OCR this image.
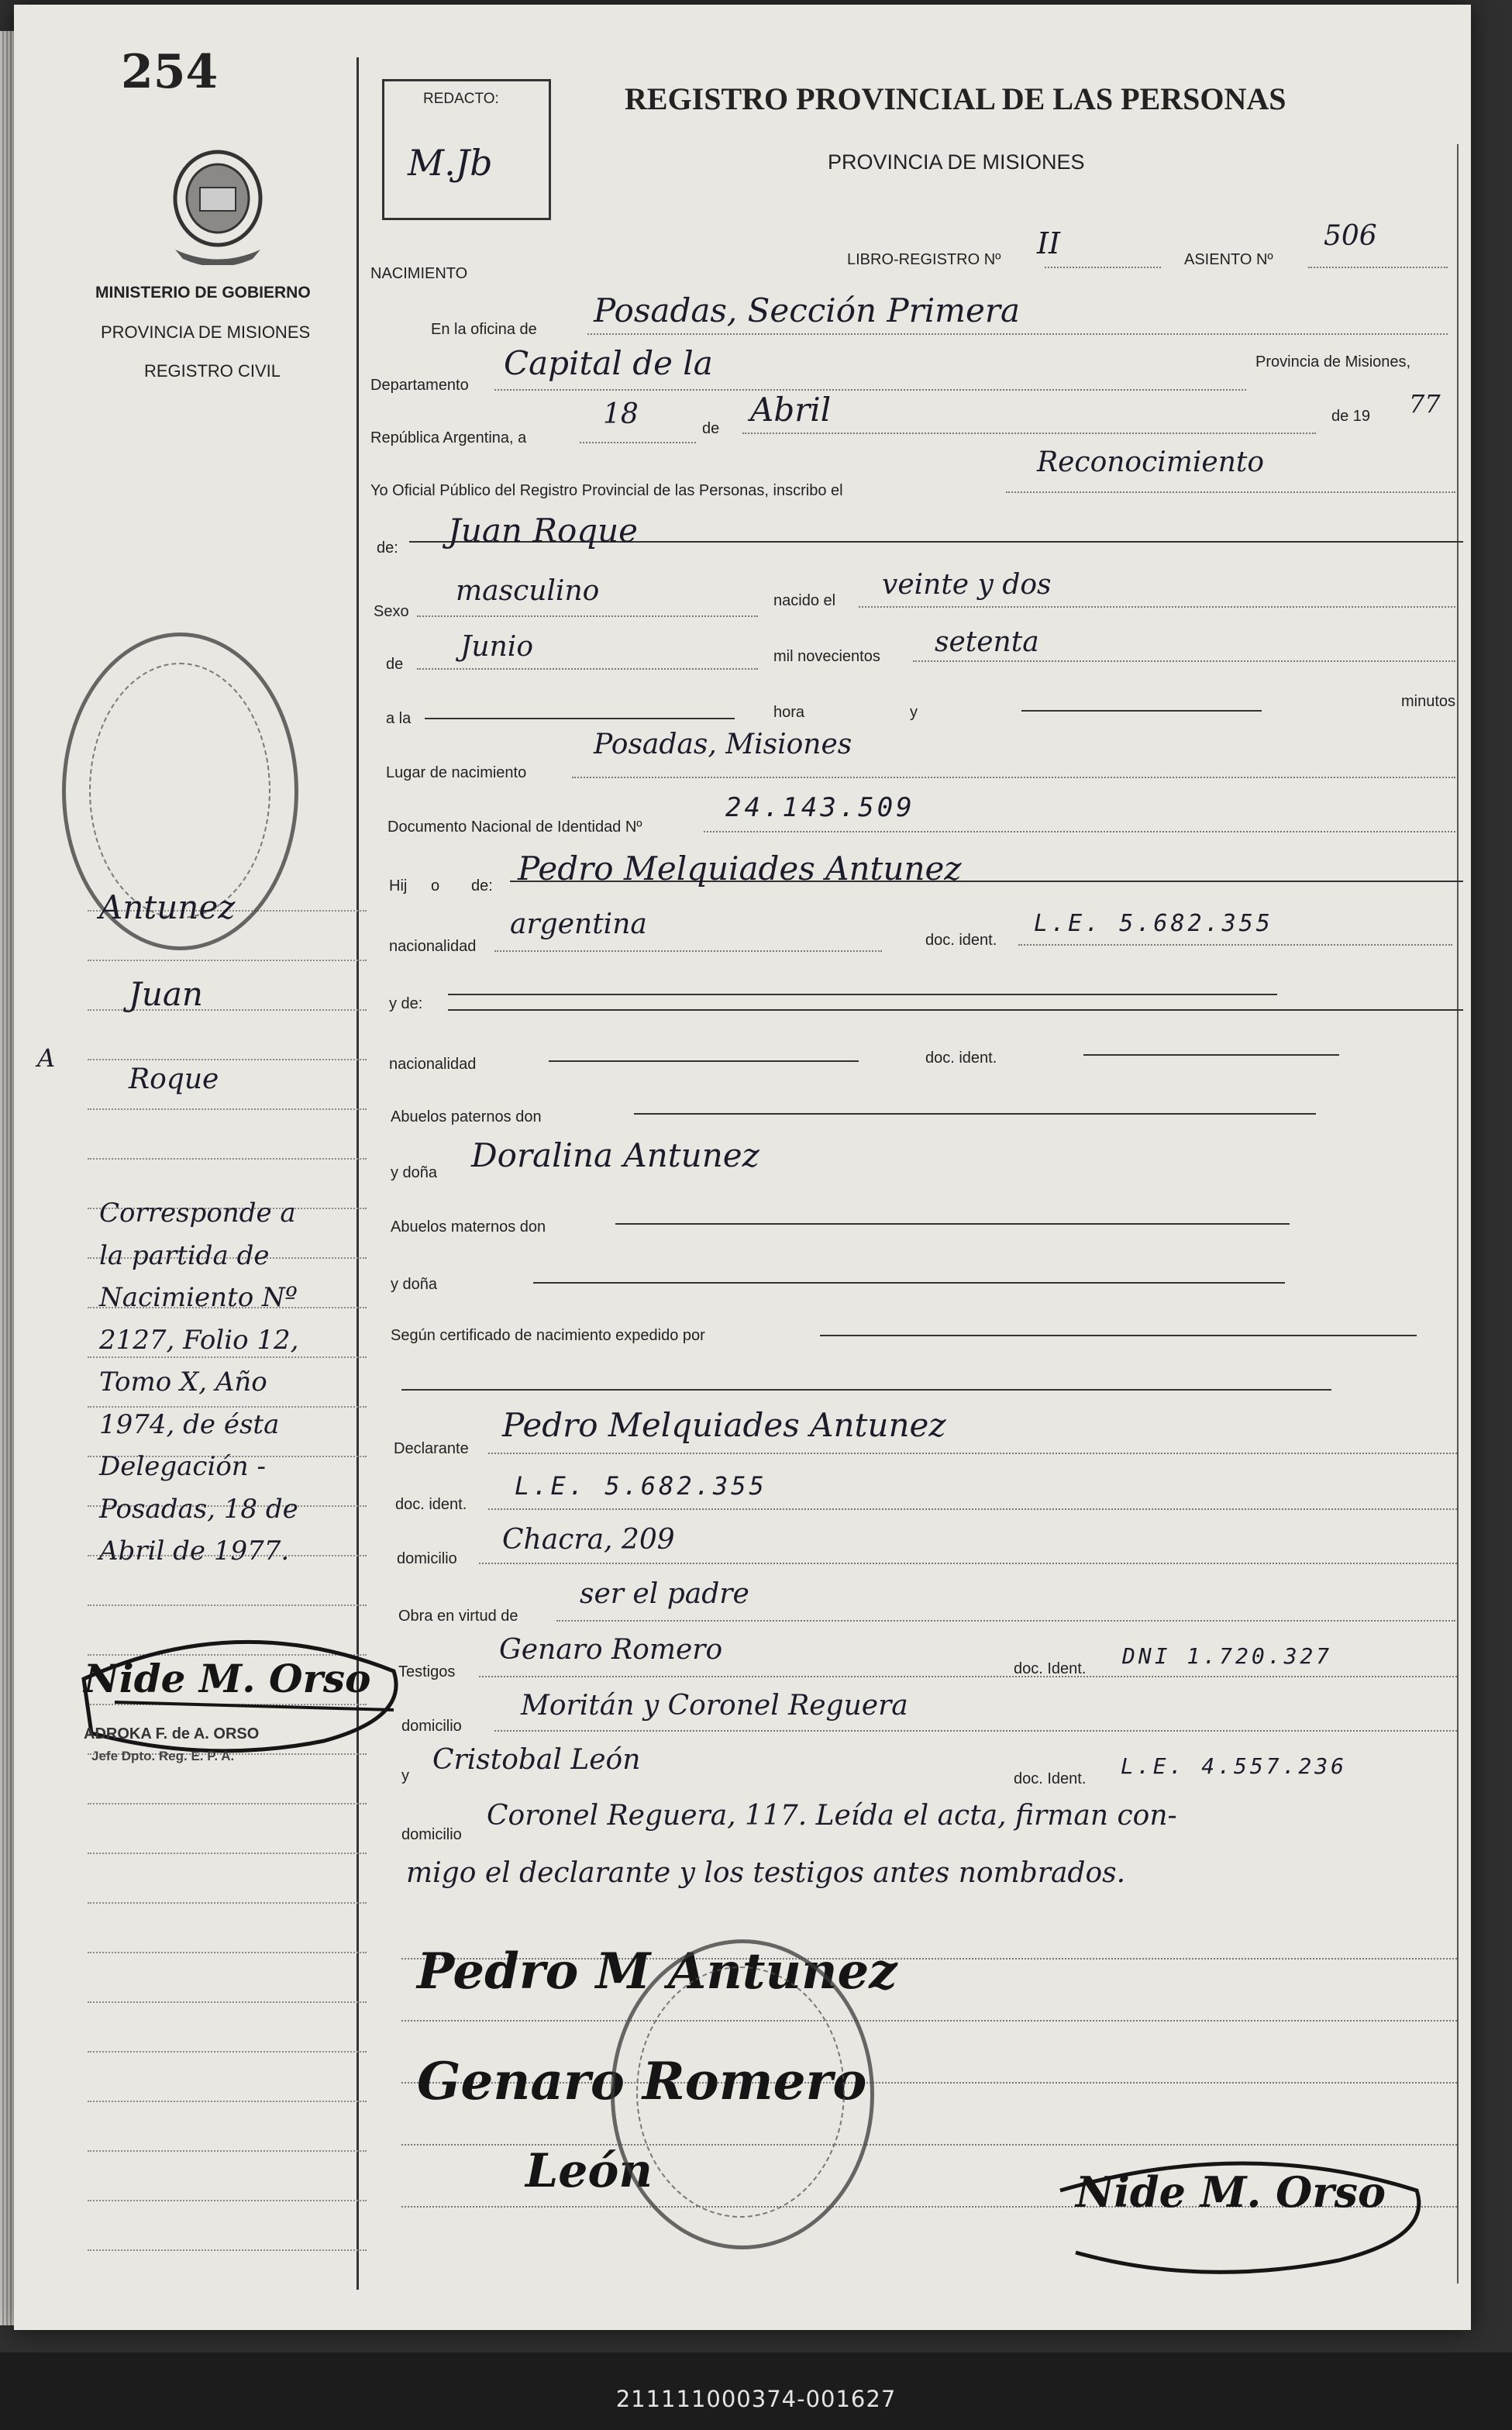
254
MINISTERIO DE GOBIERNO
PROVINCIA DE MISIONES
REGISTRO CIVIL
REDACTO:
M.Jb
REGISTRO PROVINCIAL DE LAS PERSONAS
PROVINCIA DE MISIONES
NACIMIENTO
LIBRO-REGISTRO Nº II	ASIENTO Nº
506
En la oficina de Posadas, Sección Primera
Departamento
Capital de la	Provincia de Misiones,
República Argentina, a
18	de Abril	de 19 77
Yo Oficial Público del Registro Provincial de las Personas, inscribo el
Reconocimiento
de: Juan Roque
Sexo
masculino	nacido el veinte y dos
de
Junio	mil novecientos setenta
a la	hora	y
minutos
Lugar de nacimiento
Posadas, Misiones
Documento Nacional de Identidad Nº
24.143.509
Hij o de: Pedro Melquiades Antunez
nacionalidad
argentina	doc. ident.
L.E. 5.682.355
y de:
nacionalidad	doc. ident.
Abuelos paternos don
y doña Doralina Antunez
Abuelos maternos don
y doña
Según certificado de nacimiento expedido por
Declarante
Pedro Melquiades Antunez
doc. ident.
L.E. 5.682.355
domicilio
Chacra, 209
Obra en virtud de
ser el padre
Testigos
Genaro Romero
doc. Ident. DNI 1.720.327
domicilio
Moritán y Coronel Reguera
y Cristobal León
doc. Ident. L.E. 4.557.236
domicilio
Coronel Reguera, 117. Leída el acta, firman con-
migo el declarante y los testigos antes nombrados.
Pedro M Antunez
Genaro Romero
León	Nide M. Orso
Antunez
Juan
A
Roque
Corresponde a
la partida de
Nacimiento Nº
2127, Folio 12,
Tomo X, Año
1974, de ésta
Delegación -
Posadas, 18 de
Abril de 1977.
Nide M. Orso
ADROKA F. de A. ORSO
Jefe Dpto. Reg. E. P. A.
211111000374-001627
